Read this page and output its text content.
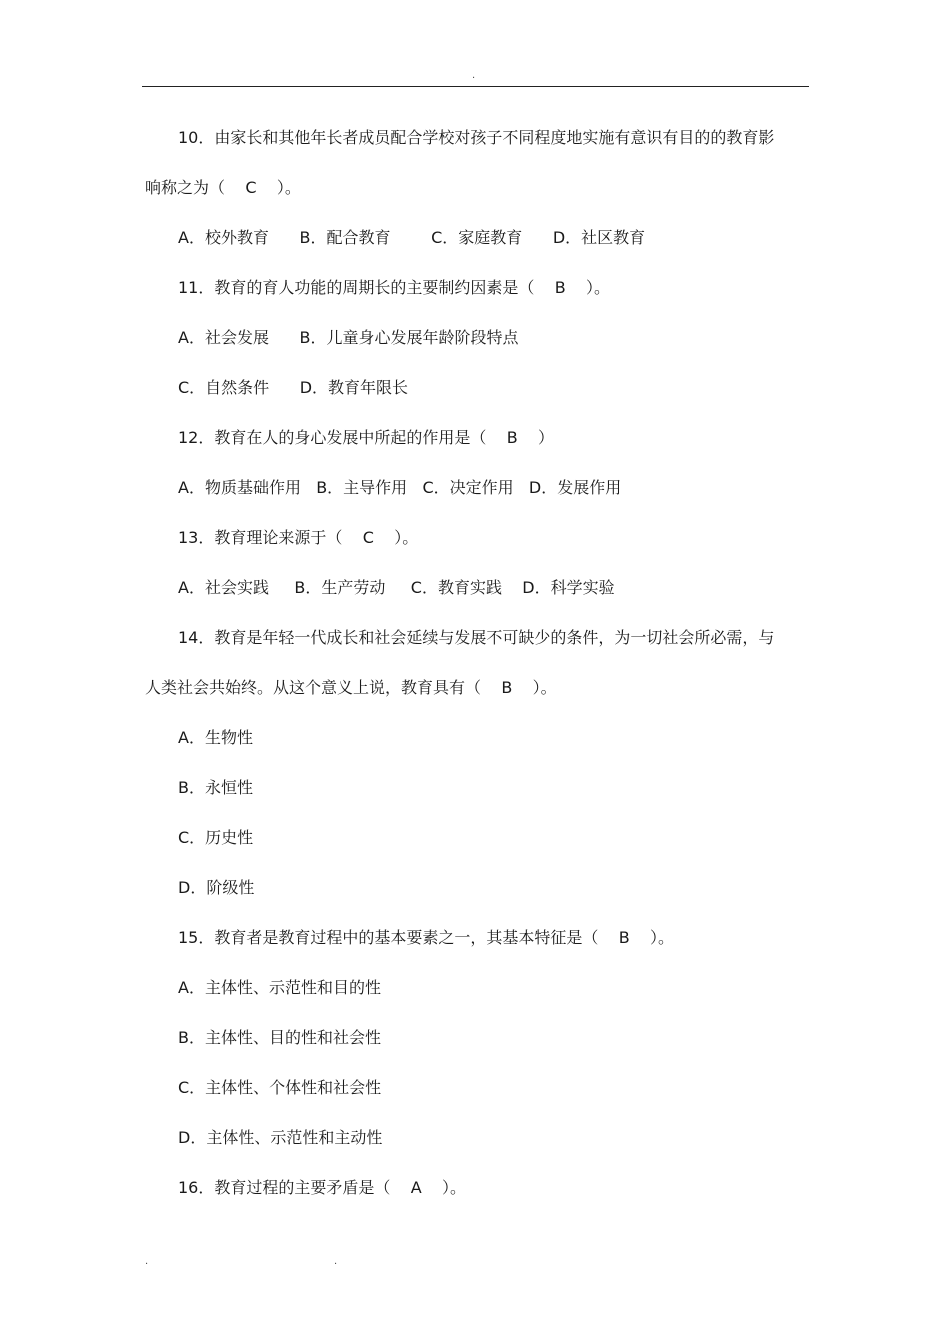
.
10．由家长和其他年长者成员配合学校对孩子不同程度地实施有意识有目的的教育影
响称之为（    C    ）。
A．校外教育      B．配合教育        C．家庭教育      D．社区教育
11．教育的育人功能的周期长的主要制约因素是（    B    ）。
A．社会发展      B．儿童身心发展年龄阶段特点
C．自然条件      D．教育年限长
12．教育在人的身心发展中所起的作用是（    B    ）
A．物质基础作用   B．主导作用   C．决定作用   D．发展作用
13．教育理论来源于（    C    ）。
A．社会实践     B．生产劳动     C．教育实践    D．科学实验
14．教育是年轻一代成长和社会延续与发展不可缺少的条件，为一切社会所必需，与
人类社会共始终。从这个意义上说，教育具有（    B    ）。
A．生物性
B．永恒性
C．历史性
D．阶级性
15．教育者是教育过程中的基本要素之一，其基本特征是（    B    ）。
A．主体性、示范性和目的性
B．主体性、目的性和社会性
C．主体性、个体性和社会性
D．主体性、示范性和主动性
16．教育过程的主要矛盾是（    A    ）。
.	.
